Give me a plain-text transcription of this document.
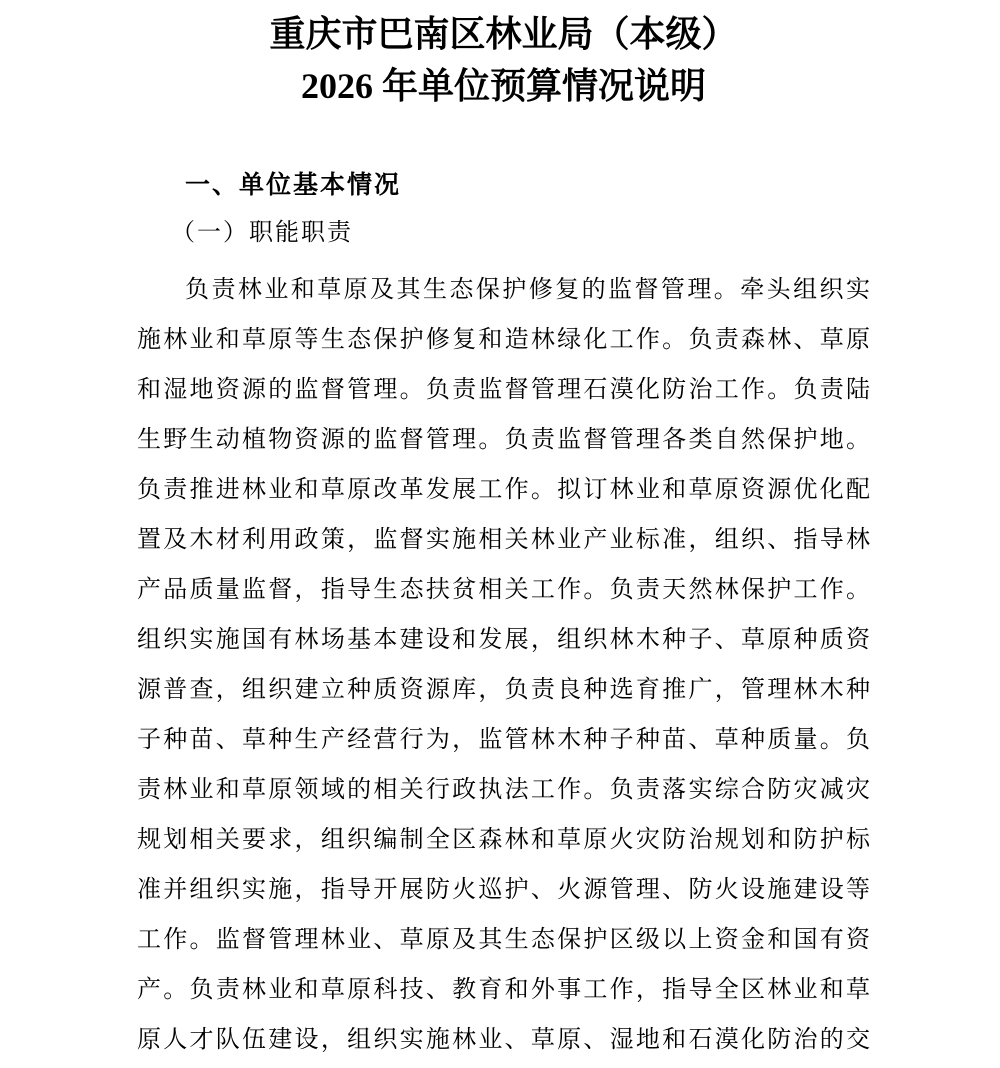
重庆市巴南区林业局（本级）
2026 年单位预算情况说明
一、单位基本情况
（一）职能职责
负责林业和草原及其生态保护修复的监督管理。牵头组织实
施林业和草原等生态保护修复和造林绿化工作。负责森林、草原
和湿地资源的监督管理。负责监督管理石漠化防治工作。负责陆
生野生动植物资源的监督管理。负责监督管理各类自然保护地。
负责推进林业和草原改革发展工作。拟订林业和草原资源优化配
置及木材利用政策，监督实施相关林业产业标准，组织、指导林
产品质量监督，指导生态扶贫相关工作。负责天然林保护工作。
组织实施国有林场基本建设和发展，组织林木种子、草原种质资
源普查，组织建立种质资源库，负责良种选育推广，管理林木种
子种苗、草种生产经营行为，监管林木种子种苗、草种质量。负
责林业和草原领域的相关行政执法工作。负责落实综合防灾减灾
规划相关要求，组织编制全区森林和草原火灾防治规划和防护标
准并组织实施，指导开展防火巡护、火源管理、防火设施建设等
工作。监督管理林业、草原及其生态保护区级以上资金和国有资
产。负责林业和草原科技、教育和外事工作，指导全区林业和草
原人才队伍建设，组织实施林业、草原、湿地和石漠化防治的交
